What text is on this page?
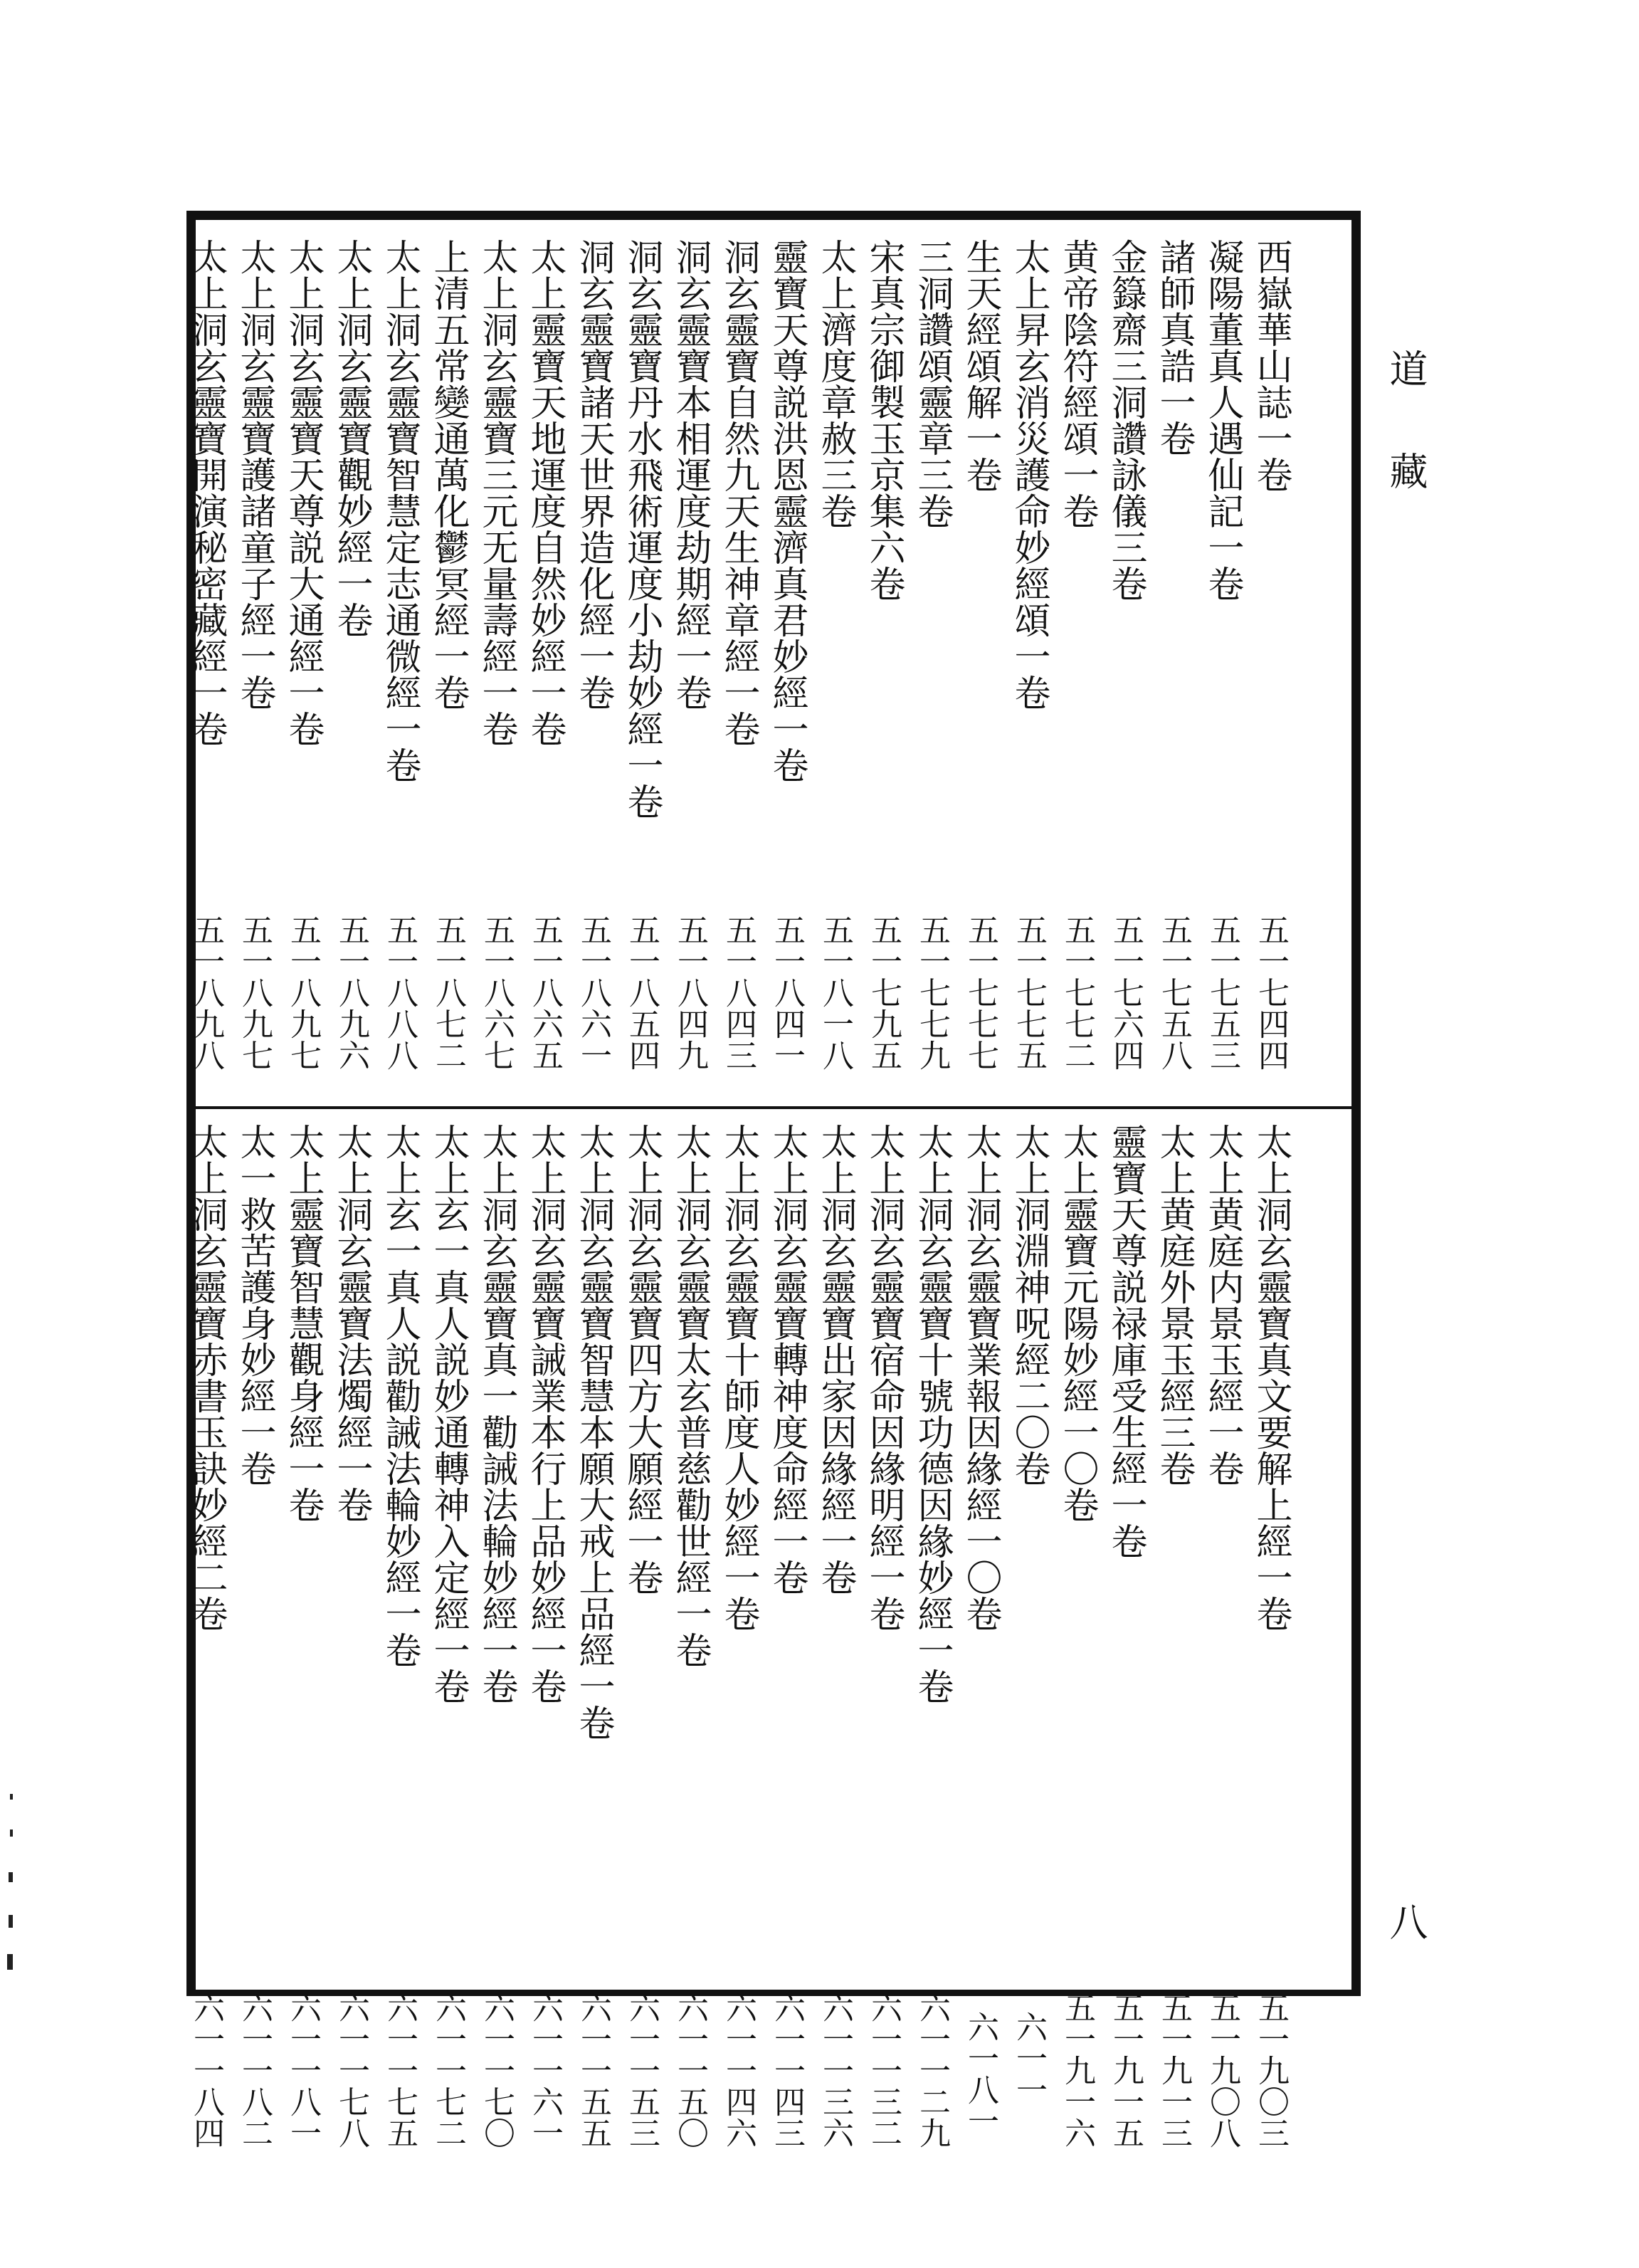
道藏
西嶽華山誌一卷
五一七四四
凝陽董真人遇仙記一卷
五一七五三
諸師真誥一卷
五一七五八
金籙齋三洞讚詠儀三卷
五一七六四
黄帝陰符經頌一卷
五一七七二
太上昇玄消災護命妙經頌一卷
五一七七五
生天經頌解一卷
五一七七七
三洞讚頌靈章三卷
五一七七九
宋真宗御製玉京集六卷
五一七九五
太上濟度章赦三卷
五一八一八
靈寶天尊説洪恩靈濟真君妙經一卷
五一八四一
洞玄靈寶自然九天生神章經一卷
五一八四三
洞玄靈寶本相運度劫期經一卷
五一八四九
洞玄靈寶丹水飛術運度小劫妙經一卷
五一八五四
洞玄靈寶諸天世界造化經一卷
五一八六一
太上靈寶天地運度自然妙經一卷
五一八六五
太上洞玄靈寶三元无量壽經一卷
五一八六七
上清五常變通萬化鬱冥經一卷
五一八七二
太上洞玄靈寶智慧定志通微經一卷
五一八八八
太上洞玄靈寶觀妙經一卷
五一八九六
太上洞玄靈寶天尊説大通經一卷
五一八九七
太上洞玄靈寶護諸童子經一卷
五一八九七
太上洞玄靈寶開演秘密藏經一卷
五一八九八
太上洞玄靈寶真文要解上經一卷
五一九〇三
太上黄庭内景玉經一卷
五一九〇八
太上黄庭外景玉經三卷
五一九一三
靈寶天尊説禄庫受生經一卷
五一九一五
太上靈寶元陽妙經一〇卷
五一九一六
太上洞淵神呪經二〇卷
六一一
太上洞玄靈寶業報因緣經一〇卷
六一八一
太上洞玄靈寶十號功德因緣妙經一卷
六一一二九
太上洞玄靈寶宿命因緣明經一卷
六一一三二
太上洞玄靈寶出家因緣經一卷
六一一三六
太上洞玄靈寶轉神度命經一卷
六一一四三
太上洞玄靈寶十師度人妙經一卷
六一一四六
太上洞玄靈寶太玄普慈勸世經一卷
六一一五〇
太上洞玄靈寶四方大願經一卷
六一一五三
太上洞玄靈寶智慧本願大戒上品經一卷
六一一五五
太上洞玄靈寶誡業本行上品妙經一卷
六一一六一
太上洞玄靈寶真一勸誡法輪妙經一卷
六一一七〇
太上玄一真人説妙通轉神入定經一卷
六一一七二
太上玄一真人説勸誡法輪妙經一卷
六一一七五
太上洞玄靈寶法燭經一卷
六一一七八
太上靈寶智慧觀身經一卷
六一一八一
太一救苦護身妙經一卷
六一一八二
太上洞玄靈寶赤書玉訣妙經二卷
六一一八四
八
